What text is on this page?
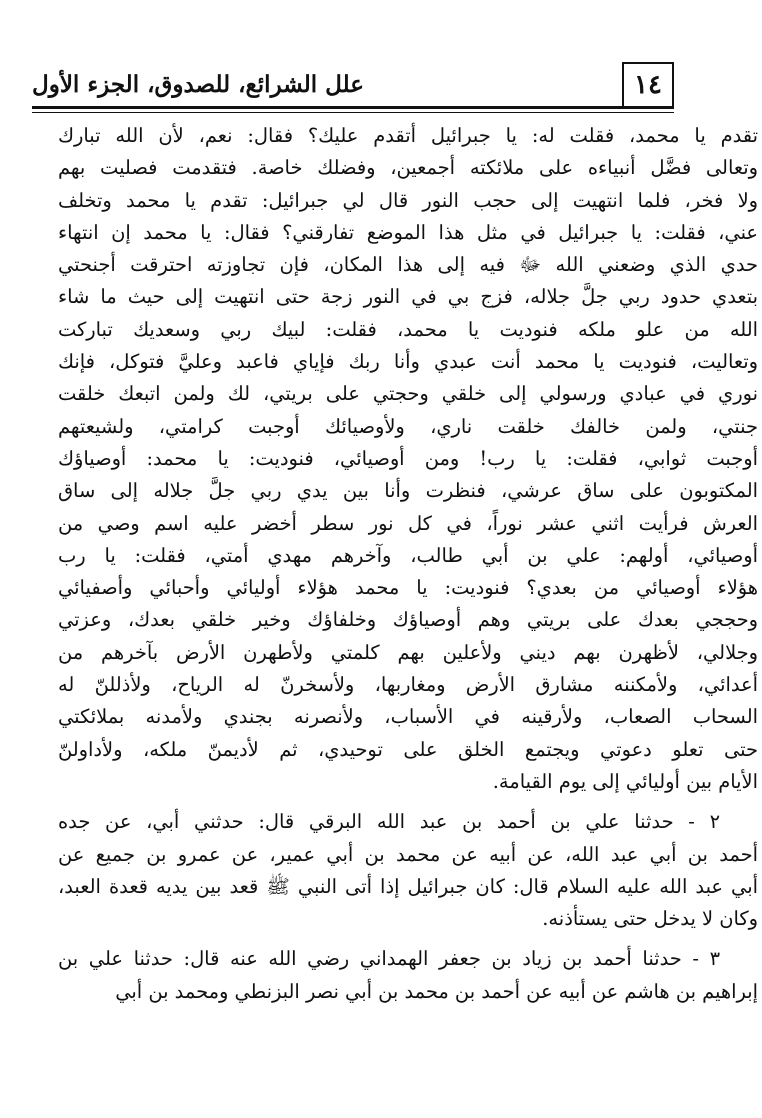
١٤
علل الشرائع، للصدوق، الجزء الأول
تقدم يا محمد، فقلت له: يا جبرائيل أتقدم عليك؟ فقال: نعم، لأن الله تبارك
وتعالى فضَّل أنبياءه على ملائكته أجمعين، وفضلك خاصة. فتقدمت فصليت بهم
ولا فخر، فلما انتهيت إلى حجب النور قال لي جبرائيل: تقدم يا محمد وتخلف
عني، فقلت: يا جبرائيل في مثل هذا الموضع تفارقني؟ فقال: يا محمد إن انتهاء
حدي الذي وضعني الله ﷻ فيه إلى هذا المكان، فإن تجاوزته احترقت أجنحتي
بتعدي حدود ربي جلَّ جلاله، فزج بي في النور زجة حتى انتهيت إلى حيث ما شاء
الله من علو ملكه فنوديت يا محمد، فقلت: لبيك ربي وسعديك تباركت
وتعاليت، فنوديت يا محمد أنت عبدي وأنا ربك فإياي فاعبد وعليَّ فتوكل، فإنك
نوري في عبادي ورسولي إلى خلقي وحجتي على بريتي، لك ولمن اتبعك خلقت
جنتي، ولمن خالفك خلقت ناري، ولأوصيائك أوجبت كرامتي، ولشيعتهم
أوجبت ثوابي، فقلت: يا رب! ومن أوصيائي، فنوديت: يا محمد: أوصياؤك
المكتوبون على ساق عرشي، فنظرت وأنا بين يدي ربي جلَّ جلاله إلى ساق
العرش فرأيت اثني عشر نوراً، في كل نور سطر أخضر عليه اسم وصي من
أوصيائي، أولهم: علي بن أبي طالب، وآخرهم مهدي أمتي، فقلت: يا رب
هؤلاء أوصيائي من بعدي؟ فنوديت: يا محمد هؤلاء أوليائي وأحبائي وأصفيائي
وحججي بعدك على بريتي وهم أوصياؤك وخلفاؤك وخير خلقي بعدك، وعزتي
وجلالي، لأظهرن بهم ديني ولأعلين بهم كلمتي ولأطهرن الأرض بآخرهم من
أعدائي، ولأمكننه مشارق الأرض ومغاربها، ولأسخرنّ له الرياح، ولأذللنّ له
السحاب الصعاب، ولأرقينه في الأسباب، ولأنصرنه بجندي ولأمدنه بملائكتي
حتى تعلو دعوتي ويجتمع الخلق على توحيدي، ثم لأديمنّ ملكه، ولأداولنّ
الأيام بين أوليائي إلى يوم القيامة.
٢ - حدثنا علي بن أحمد بن عبد الله البرقي قال: حدثني أبي، عن جده
أحمد بن أبي عبد الله، عن أبيه عن محمد بن أبي عمير، عن عمرو بن جميع عن
أبي عبد الله عليه السلام قال: كان جبرائيل إذا أتى النبي ﷺ قعد بين يديه قعدة العبد،
وكان لا يدخل حتى يستأذنه.
٣ - حدثنا أحمد بن زياد بن جعفر الهمداني رضي الله عنه قال: حدثنا علي بن
إبراهيم بن هاشم عن أبيه عن أحمد بن محمد بن أبي نصر البزنطي ومحمد بن أبي
